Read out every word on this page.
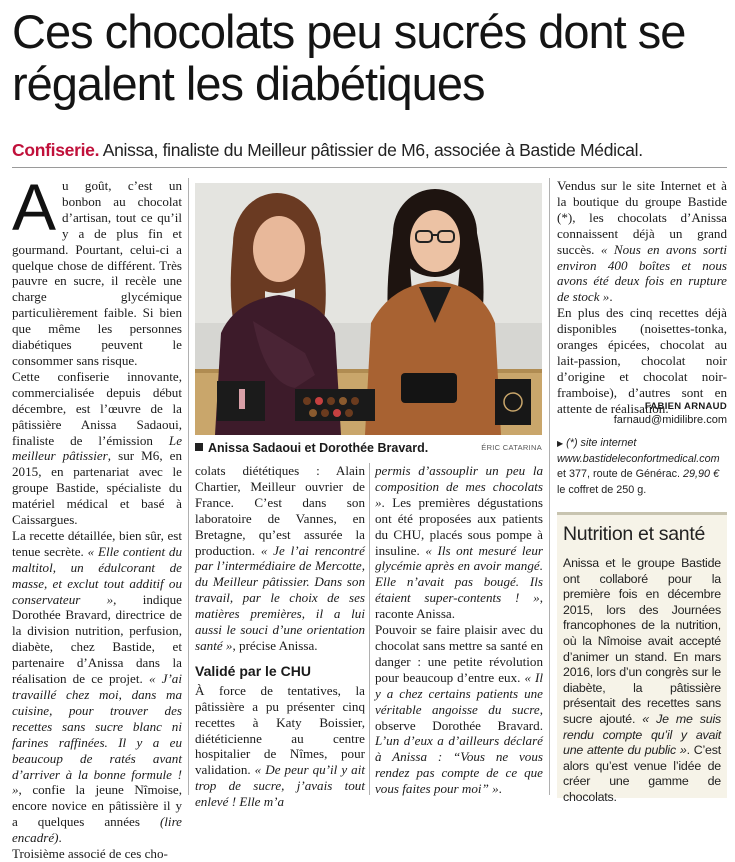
Ces chocolats peu sucrés dont se régalent les diabétiques
Confiserie. Anissa, finaliste du Meilleur pâtissier de M6, associée à Bastide Médical.

Au goût, c’est un bonbon au chocolat d’artisan, tout ce qu’il y a de plus fin et gourmand. Pourtant, celui-ci a quelque chose de différent. Très pauvre en sucre, il recèle une charge glycémique particulièrement faible. Si bien que même les personnes diabétiques peuvent le consommer sans risque.

Cette confiserie innovante, commercialisée depuis début décembre, est l’œuvre de la pâtissière Anissa Sadaoui, finaliste de l’émission Le meilleur pâtissier, sur M6, en 2015, en partenariat avec le groupe Bastide, spécialiste du matériel médical et basé à Caissargues.

La recette détaillée, bien sûr, est tenue secrète. « Elle contient du maltitol, un édulcorant de masse, et exclut tout additif ou conservateur », indique Dorothée Bravard, directrice de la division nutrition, perfusion, diabète, chez Bastide, et partenaire d’Anissa dans la réalisation de ce projet. « J’ai travaillé chez moi, dans ma cuisine, pour trouver des recettes sans sucre blanc ni farines raffinées. Il y a eu beaucoup de ratés avant d’arriver à la bonne formule ! », confie la jeune Nîmoise, encore novice en pâtissière il y a quelques années (lire encadré).

Troisième associé de ces cho-

Anissa Sadaoui et Dorothée Bravard.	ÉRIC CATARINA

colats diététiques : Alain Chartier, Meilleur ouvrier de France. C’est dans son laboratoire de Vannes, en Bretagne, qu’est assurée la production. « Je l’ai rencontré par l’intermédiaire de Mercotte, du Meilleur pâtissier. Dans son travail, par le choix de ses matières premières, il a lui aussi le souci d’une orientation santé », précise Anissa.

Validé par le CHU

À force de tentatives, la pâtissière a pu présenter cinq recettes à Katy Boissier, diététicienne au centre hospitalier de Nîmes, pour validation. « De peur qu’il y ait trop de sucre, j’avais tout enlevé ! Elle m’a

permis d’assouplir un peu la composition de mes chocolats ». Les premières dégustations ont été proposées aux patients du CHU, placés sous pompe à insuline. « Ils ont mesuré leur glycémie après en avoir mangé. Elle n’avait pas bougé. Ils étaient super-contents ! », raconte Anissa.

Pouvoir se faire plaisir avec du chocolat sans mettre sa santé en danger : une petite révolution pour beaucoup d’entre eux. « Il y a chez certains patients une véritable angoisse du sucre, observe Dorothée Bravard. L’un d’eux a d’ailleurs déclaré à Anissa : “Vous ne vous rendez pas compte de ce que vous faites pour moi” ».

Vendus sur le site Internet et à la boutique du groupe Bastide (*), les chocolats d’Anissa connaissent déjà un grand succès. « Nous en avons sorti environ 400 boîtes et nous avons été deux fois en rupture de stock ».

En plus des cinq recettes déjà disponibles (noisettes-tonka, oranges épicées, chocolat au lait-passion, chocolat noir d’origine et chocolat noir-framboise), d’autres sont en attente de réalisation.

FABIEN ARNAUD
farnaud@midilibre.com
▶ (*) site internet www.bastideleconfortmedical.com et 377, route de Générac. 29,90 € le coffret de 250 g.
Nutrition et santé
Anissa et le groupe Bastide ont collaboré pour la première fois en décembre 2015, lors des Journées francophones de la nutrition, où la Nîmoise avait accepté d’animer un stand. En mars 2016, lors d’un congrès sur le diabète, la pâtissière présentait des recettes sans sucre ajouté. « Je me suis rendu compte qu’il y avait une attente du public ». C’est alors qu’est venue l’idée de créer une gamme de chocolats.
